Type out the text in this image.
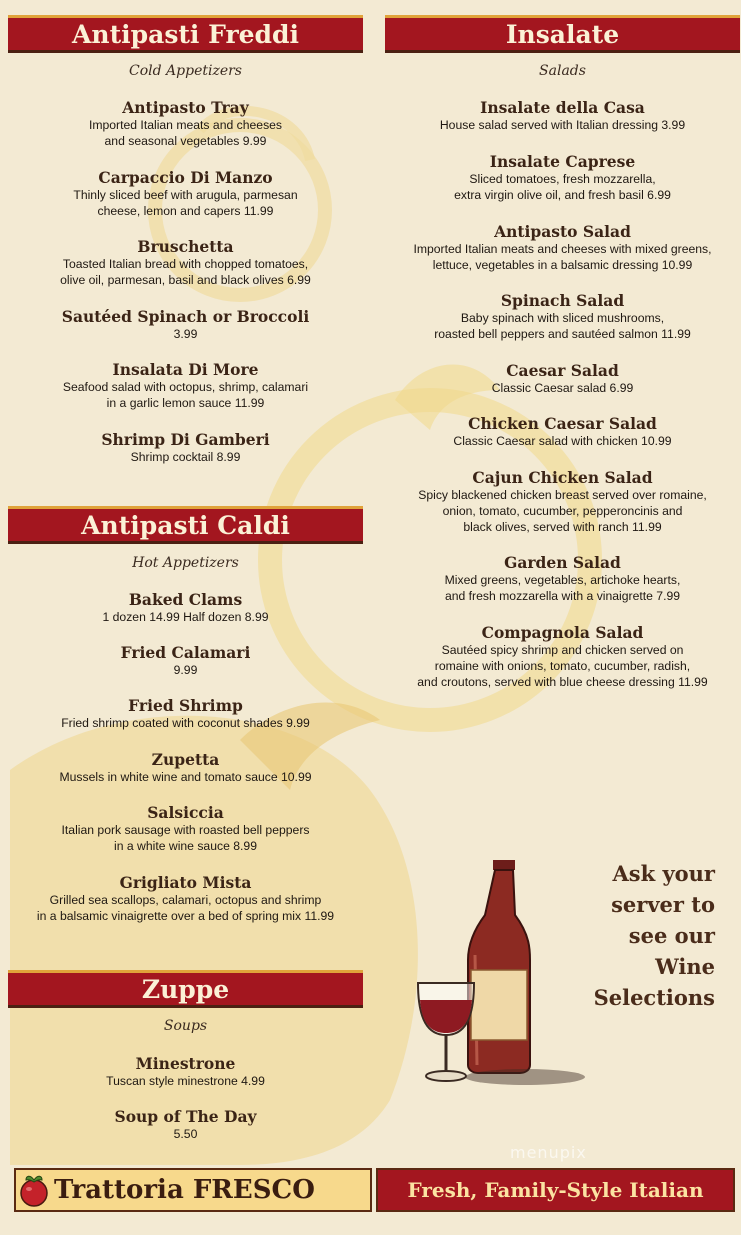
Antipasti Freddi
Cold Appetizers
Antipasto Tray
Imported Italian meats and cheeses
and seasonal vegetables 9.99
Carpaccio Di Manzo
Thinly sliced beef with arugula, parmesan
cheese, lemon and capers 11.99
Bruschetta
Toasted Italian bread with chopped tomatoes,
olive oil, parmesan, basil and black olives 6.99
Sautéed Spinach or Broccoli
3.99
Insalata Di More
Seafood salad with octopus, shrimp, calamari
in a garlic lemon sauce 11.99
Shrimp Di Gamberi
Shrimp cocktail 8.99
Antipasti Caldi
Hot Appetizers
Baked Clams
1 dozen 14.99 Half dozen 8.99
Fried Calamari
9.99
Fried Shrimp
Fried shrimp coated with coconut shades 9.99
Zupetta
Mussels in white wine and tomato sauce 10.99
Salsiccia
Italian pork sausage with roasted bell peppers
in a white wine sauce 8.99
Grigliato Mista
Grilled sea scallops, calamari, octopus and shrimp
in a balsamic vinaigrette over a bed of spring mix 11.99
Zuppe
Soups
Minestrone
Tuscan style minestrone 4.99
Soup of The Day
5.50
Insalate
Salads
Insalate della Casa
House salad served with Italian dressing 3.99
Insalate Caprese
Sliced tomatoes, fresh mozzarella,
extra virgin olive oil, and fresh basil 6.99
Antipasto Salad
Imported Italian meats and cheeses with mixed greens,
lettuce, vegetables in a balsamic dressing 10.99
Spinach Salad
Baby spinach with sliced mushrooms,
roasted bell peppers and sautéed salmon 11.99
Caesar Salad
Classic Caesar salad 6.99
Chicken Caesar Salad
Classic Caesar salad with chicken 10.99
Cajun Chicken Salad
Spicy blackened chicken breast served over romaine,
onion, tomato, cucumber, pepperoncinis and
black olives, served with ranch 11.99
Garden Salad
Mixed greens, vegetables, artichoke hearts,
and fresh mozzarella with a vinaigrette 7.99
Compagnola Salad
Sautéed spicy shrimp and chicken served on
romaine with onions, tomato, cucumber, radish,
and croutons, served with blue cheese dressing 11.99
Ask your
server to
see our
Wine
Selections
menupix
Trattoria FRESCO	Fresh, Family-Style Italian
